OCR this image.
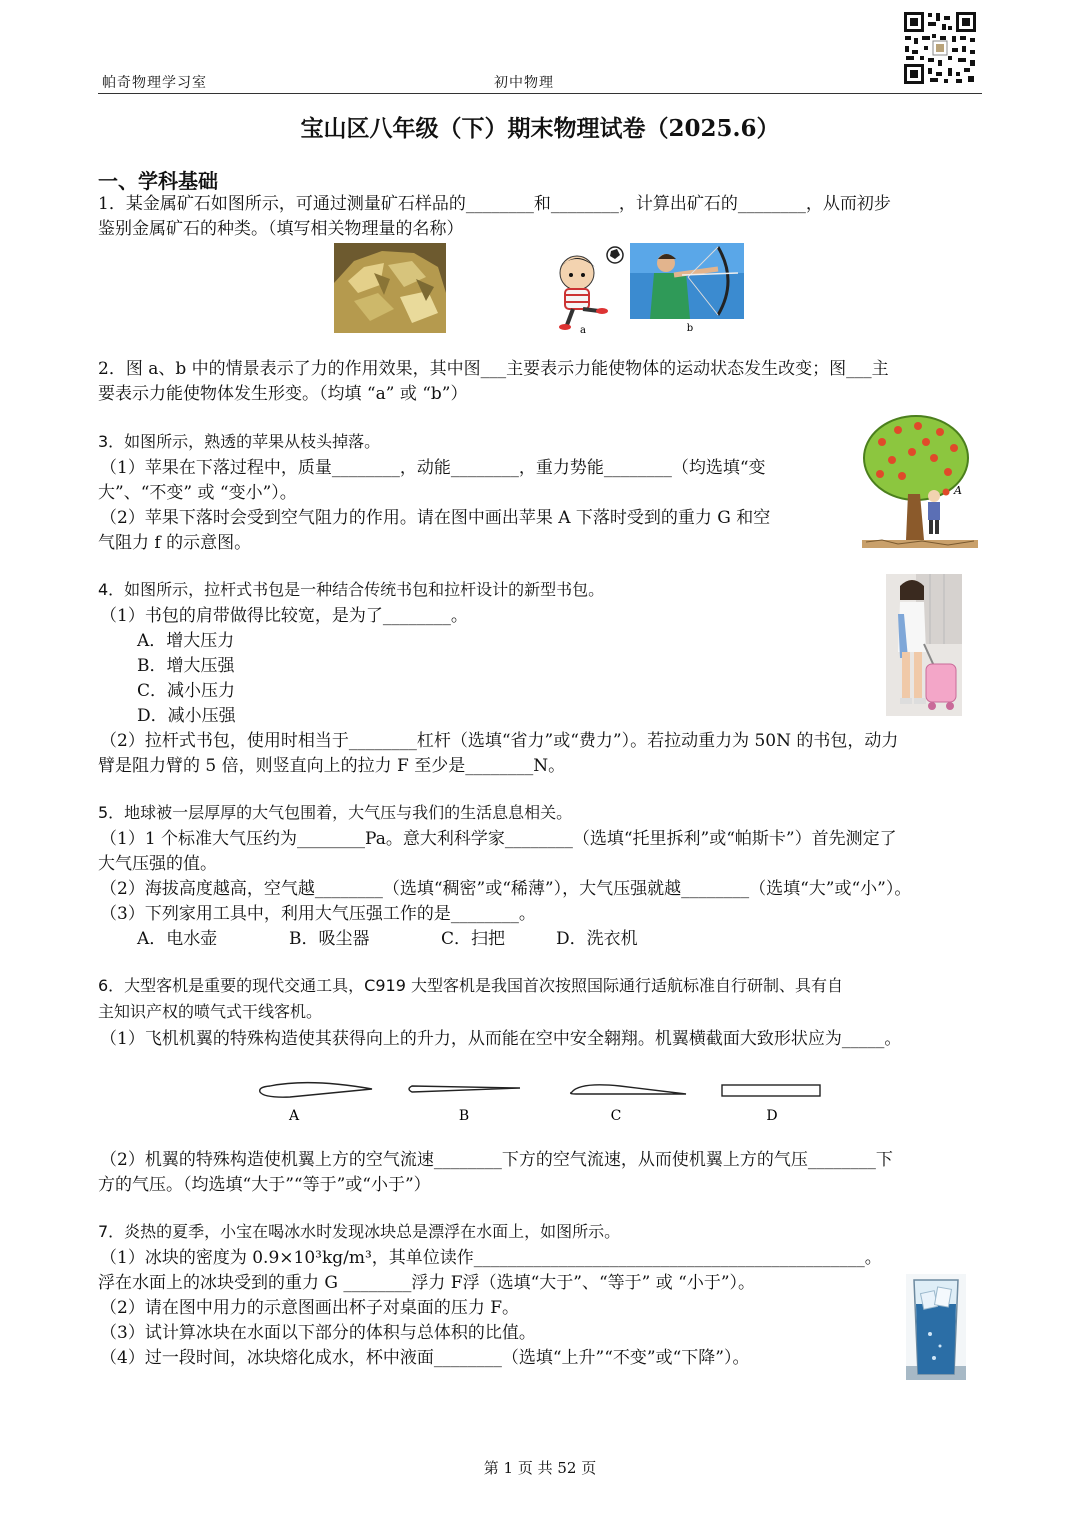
帕奇物理学习室	初中物理
宝山区八年级（下）期末物理试卷（2025.6）
一、学科基础
1．某金属矿石如图所示，可通过测量矿石样品的________和________，计算出矿石的________，从而初步
鉴别金属矿石的种类。（填写相关物理量的名称）
a	b
2．图 a、b 中的情景表示了力的作用效果，其中图___主要表示力能使物体的运动状态发生改变；图___主
要表示力能使物体发生形变。（均填 “a” 或 “b”）
3．如图所示，熟透的苹果从枝头掉落。
（1）苹果在下落过程中，质量________，动能________，重力势能________（均选填“变
大”、“不变” 或 “变小”）。
（2）苹果下落时会受到空气阻力的作用。请在图中画出苹果 A 下落时受到的重力 G 和空
气阻力 f 的示意图。
A
4．如图所示，拉杆式书包是一种结合传统书包和拉杆设计的新型书包。
（1）书包的肩带做得比较宽，是为了________。
A．增大压力
B．增大压强
C．减小压力
D．减小压强
（2）拉杆式书包，使用时相当于________杠杆（选填“省力”或“费力”）。若拉动重力为 50N 的书包，动力
臂是阻力臂的 5 倍，则竖直向上的拉力 F 至少是________N。
5．地球被一层厚厚的大气包围着，大气压与我们的生活息息相关。
（1）1 个标准大气压约为________Pa。意大利科学家________（选填“托里拆利”或“帕斯卡”）首先测定了
大气压强的值。
（2）海拔高度越高，空气越________（选填“稠密”或“稀薄”），大气压强就越________（选填“大”或“小”）。
（3）下列家用工具中，利用大气压强工作的是________。
A．电水壶	B．吸尘器	C．扫把	D．洗衣机
6．大型客机是重要的现代交通工具，C919 大型客机是我国首次按照国际通行适航标准自行研制、具有自
主知识产权的喷气式干线客机。
（1）飞机机翼的特殊构造使其获得向上的升力，从而能在空中安全翱翔。机翼横截面大致形状应为_____。
A	B	C	D
（2）机翼的特殊构造使机翼上方的空气流速________下方的空气流速，从而使机翼上方的气压________下
方的气压。（均选填“大于”“等于”或“小于”）
7．炎热的夏季，小宝在喝冰水时发现冰块总是漂浮在水面上，如图所示。
（1）冰块的密度为 0.9×10³kg/m³，其单位读作______________________________________________。
浮在水面上的冰块受到的重力 G ________浮力 F浮（选填“大于”、“等于” 或 “小于”）。
（2）请在图中用力的示意图画出杯子对桌面的压力 F。
（3）试计算冰块在水面以下部分的体积与总体积的比值。
（4）过一段时间，冰块熔化成水，杯中液面________（选填“上升”“不变”或“下降”）。
⠀
第 1 页 共 52 页
